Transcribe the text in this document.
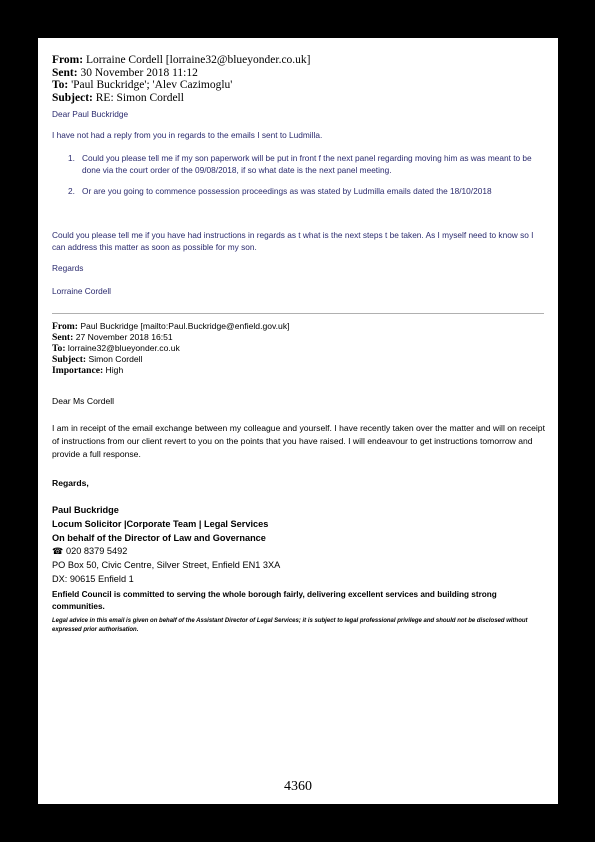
From: Lorraine Cordell [lorraine32@blueyonder.co.uk]
Sent: 30 November 2018 11:12
To: 'Paul Buckridge'; 'Alev Cazimoglu'
Subject: RE: Simon Cordell
Dear Paul Buckridge
I have not had a reply from you in regards to the emails I sent to Ludmilla.
1. Could you please tell me if my son paperwork will be put in front f the next panel regarding moving him as was meant to be done via the court order of the 09/08/2018, if so what date is the next panel meeting.
2. Or are you going to commence possession proceedings as was stated by Ludmilla emails dated the 18/10/2018
Could you please tell me if you have had instructions in regards as t what is the next steps t be taken. As I myself need to know so I can address this matter as soon as possible for my son.
Regards
Lorraine Cordell
From: Paul Buckridge [mailto:Paul.Buckridge@enfield.gov.uk]
Sent: 27 November 2018 16:51
To: lorraine32@blueyonder.co.uk
Subject: Simon Cordell
Importance: High

Dear Ms Cordell

I am in receipt of the email exchange between my colleague and yourself. I have recently taken over the matter and will on receipt of instructions from our client revert to you on the points that you have raised. I will endeavour to get instructions tomorrow and provide a full response.

Regards,

Paul Buckridge
Locum Solicitor |Corporate Team | Legal Services
On behalf of the Director of Law and Governance
☎ 020 8379 5492
PO Box 50, Civic Centre, Silver Street, Enfield EN1 3XA
DX: 90615 Enfield 1
Enfield Council is committed to serving the whole borough fairly, delivering excellent services and building strong communities.
Legal advice in this email is given on behalf of the Assistant Director of Legal Services; it is subject to legal professional privilege and should not be disclosed without expressed prior authorisation.
4360
